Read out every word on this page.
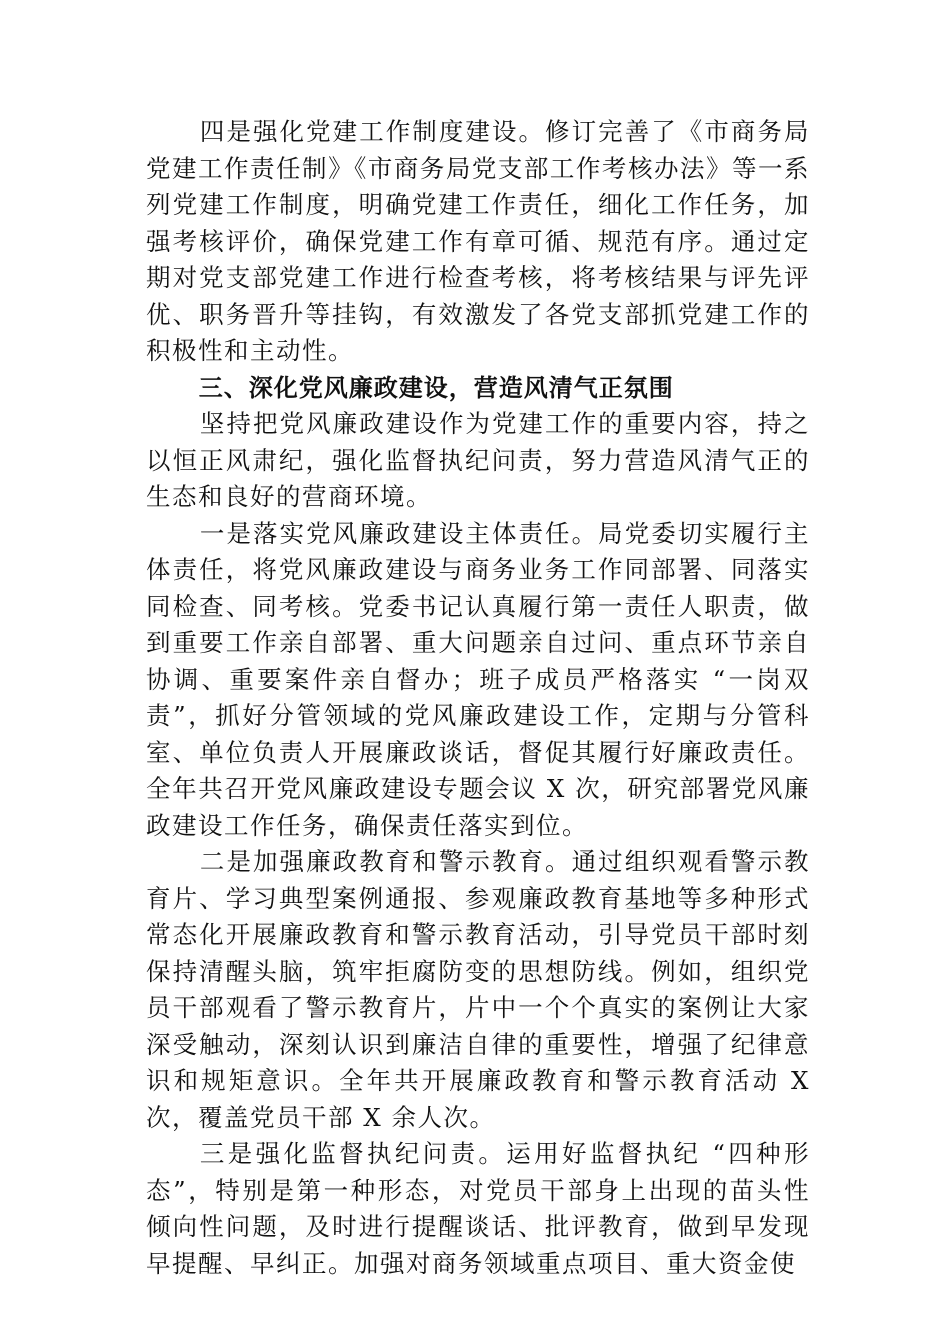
四是强化党建工作制度建设。修订完善了《市商务局党建工作责任制》《市商务局党支部工作考核办法》等一系列党建工作制度，明确党建工作责任，细化工作任务，加强考核评价，确保党建工作有章可循、规范有序。通过定期对党支部党建工作进行检查考核，将考核结果与评先评优、职务晋升等挂钩，有效激发了各党支部抓党建工作的积极性和主动性。

三、深化党风廉政建设，营造风清气正氛围

坚持把党风廉政建设作为党建工作的重要内容，持之以恒正风肃纪，强化监督执纪问责，努力营造风清气正的生态和良好的营商环境。

一是落实党风廉政建设主体责任。局党委切实履行主体责任，将党风廉政建设与商务业务工作同部署、同落实同检查、同考核。党委书记认真履行第一责任人职责，做到重要工作亲自部署、重大问题亲自过问、重点环节亲自协调、重要案件亲自督办；班子成员严格落实 “一岗双责”，抓好分管领域的党风廉政建设工作，定期与分管科室、单位负责人开展廉政谈话，督促其履行好廉政责任。全年共召开党风廉政建设专题会议 X 次，研究部署党风廉政建设工作任务，确保责任落实到位。

二是加强廉政教育和警示教育。通过组织观看警示教育片、学习典型案例通报、参观廉政教育基地等多种形式常态化开展廉政教育和警示教育活动，引导党员干部时刻保持清醒头脑，筑牢拒腐防变的思想防线。例如，组织党员干部观看了警示教育片，片中一个个真实的案例让大家深受触动，深刻认识到廉洁自律的重要性，增强了纪律意识和规矩意识。全年共开展廉政教育和警示教育活动 X 次，覆盖党员干部 X 余人次。

三是强化监督执纪问责。运用好监督执纪 “四种形态”，特别是第一种形态，对党员干部身上出现的苗头性倾向性问题，及时进行提醒谈话、批评教育，做到早发现早提醒、早纠正。加强对商务领域重点项目、重大资金使
